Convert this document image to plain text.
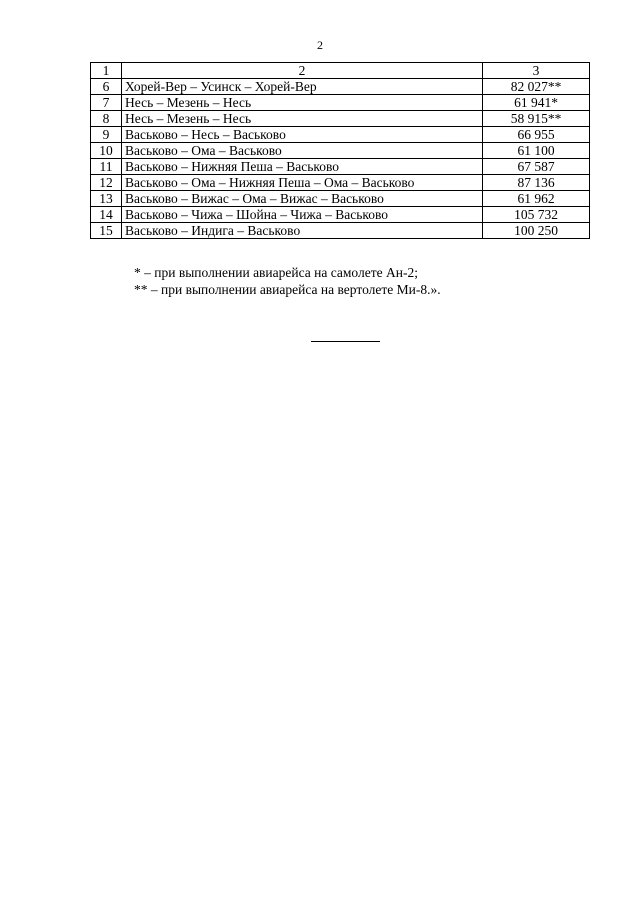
2
1	2	3
6	Хорей-Вер – Усинск – Хорей-Вер	82 027**
7	Несь – Мезень – Несь	61 941*
8	Несь – Мезень – Несь	58 915**
9	Васьково – Несь – Васьково	66 955
10	Васьково – Ома – Васьково	61 100
11	Васьково – Нижняя Пеша – Васьково	67 587
12	Васьково – Ома – Нижняя Пеша – Ома – Васьково	87 136
13	Васьково – Вижас – Ома – Вижас – Васьково	61 962
14	Васьково – Чижа – Шойна – Чижа – Васьково	105 732
15	Васьково – Индига – Васьково	100 250
* – при выполнении авиарейса на самолете Ан-2;
** – при выполнении авиарейса на вертолете Ми-8.».
